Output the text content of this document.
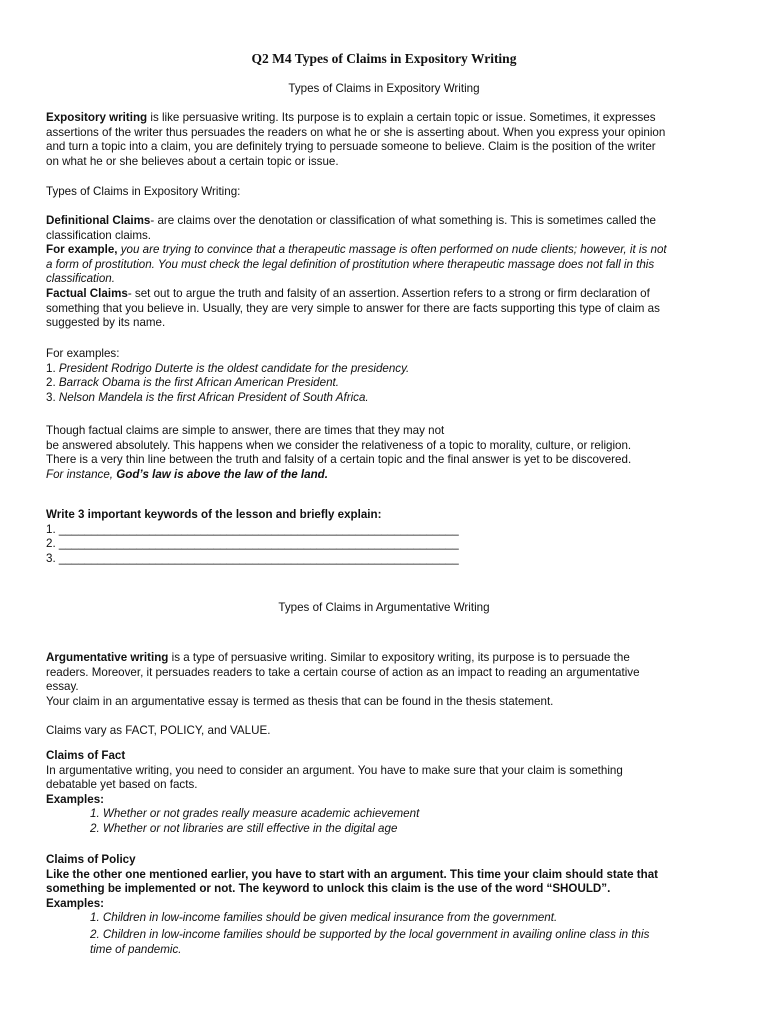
Q2 M4 Types of Claims in Expository Writing
Types of Claims in Expository Writing

Expository writing is like persuasive writing. Its purpose is to explain a certain topic or issue. Sometimes, it expresses

assertions of the writer thus persuades the readers on what he or she is asserting about. When you express your opinion

and turn a topic into a claim, you are definitely trying to persuade someone to believe. Claim is the position of the writer

on what he or she believes about a certain topic or issue.

Types of Claims in Expository Writing:

Definitional Claims- are claims over the denotation or classification of what something is. This is sometimes called the

classification claims.

For example, you are trying to convince that a therapeutic massage is often performed on nude clients; however, it is not

a form of prostitution. You must check the legal definition of prostitution where therapeutic massage does not fall in this

classification.

Factual Claims- set out to argue the truth and falsity of an assertion. Assertion refers to a strong or firm declaration of

something that you believe in. Usually, they are very simple to answer for there are facts supporting this type of claim as

suggested by its name.

For examples:

1. President Rodrigo Duterte is the oldest candidate for the presidency.

2. Barrack Obama is the first African American President.

3. Nelson Mandela is the first African President of South Africa.

Though factual claims are simple to answer, there are times that they may not

be answered absolutely. This happens when we consider the relativeness of a topic to morality, culture, or religion.

There is a very thin line between the truth and falsity of a certain topic and the final answer is yet to be discovered.

For instance, God’s law is above the law of the land.

Write 3 important keywords of the lesson and briefly explain:

1. ______________________________________________________________

2. ______________________________________________________________

3. ______________________________________________________________

Types of Claims in Argumentative Writing

Argumentative writing is a type of persuasive writing. Similar to expository writing, its purpose is to persuade the

readers. Moreover, it persuades readers to take a certain course of action as an impact to reading an argumentative

essay.

Your claim in an argumentative essay is termed as thesis that can be found in the thesis statement.

Claims vary as FACT, POLICY, and VALUE.

Claims of Fact

In argumentative writing, you need to consider an argument. You have to make sure that your claim is something

debatable yet based on facts.

Examples:

1. Whether or not grades really measure academic achievement

2. Whether or not libraries are still effective in the digital age

Claims of Policy

Like the other one mentioned earlier, you have to start with an argument. This time your claim should state that

something be implemented or not. The keyword to unlock this claim is the use of the word “SHOULD”.

Examples:

1. Children in low-income families should be given medical insurance from the government.

2. Children in low-income families should be supported by the local government in availing online class in this

time of pandemic.
